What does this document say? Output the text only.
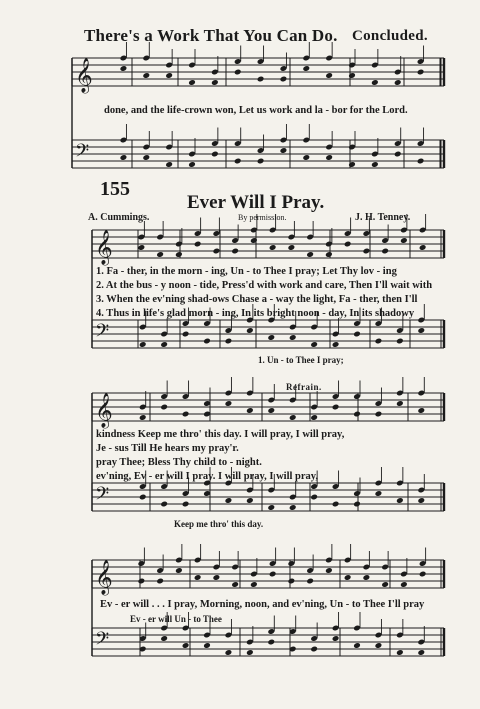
𝄞
𝄢
𝄞
𝄢
𝄞
𝄢
𝄞
𝄢
There's a Work That You Can Do. Concluded.
done, and the life-crown won, Let us work and la - bor for the Lord.
155
Ever Will I Pray.
A. Cummings.	By permission.	J. H. Tenney.
1. Fa - ther, in the morn - ing, Un - to Thee I pray; Let Thy lov - ing
2. At the bus - y noon - tide, Press'd with work and care, Then I'll wait with
3. When the ev'ning shad-ows Chase a - way the light, Fa - ther, then I'll
4. Thus in life's glad morn - ing, In its bright noon - day, In its shadowy
1. Un - to Thee I pray;
Refrain.
kindness Keep me thro' this day. I will pray, I will pray,
Je - sus Till He hears my pray'r.
pray Thee; Bless Thy child to - night.
ev'ning, Ev - er will I pray. I will pray, I will pray,
Keep me thro' this day.
Ev - er will . . . I pray, Morning, noon, and ev'ning, Un - to Thee I'll pray
Ev - er will Un - to Thee
